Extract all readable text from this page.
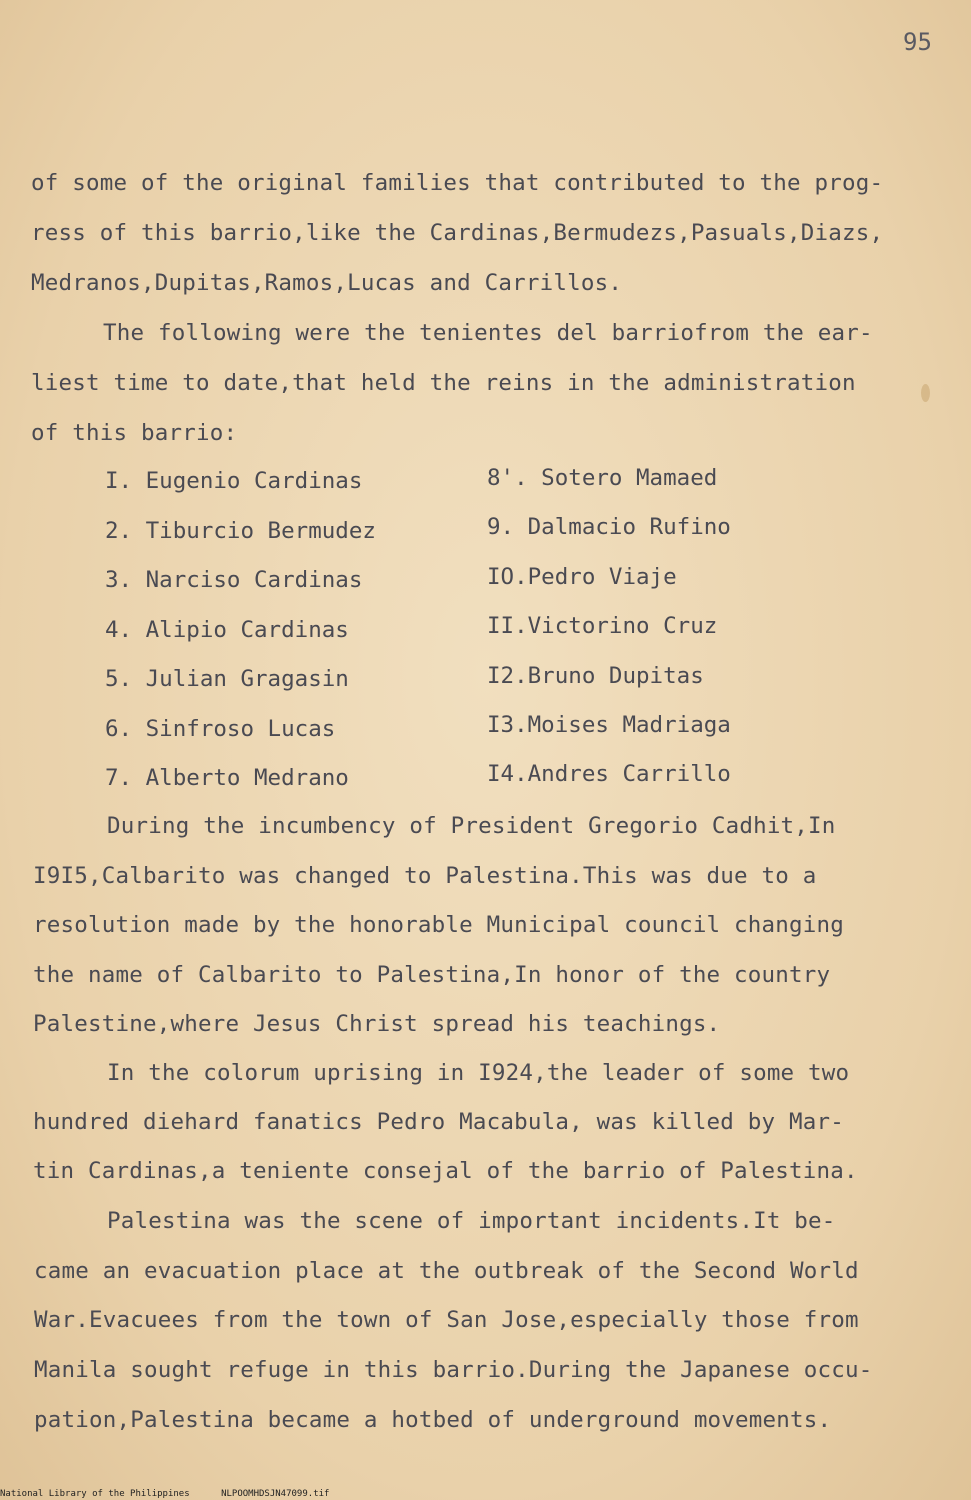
95
of some of the original families that contributed to the prog-
ress of this barrio,like the Cardinas,Bermudezs,Pasuals,Diazs,
Medranos,Dupitas,Ramos,Lucas and Carrillos.
The following were the tenientes del barriofrom the ear-
liest time to date,that held the reins in the administration
of this barrio:
I. Eugenio Cardinas
2. Tiburcio Bermudez
3. Narciso Cardinas
4. Alipio Cardinas
5. Julian Gragasin
6. Sinfroso Lucas
7. Alberto Medrano
8'. Sotero Mamaed
9. Dalmacio Rufino
IO.Pedro Viaje
II.Victorino Cruz
I2.Bruno Dupitas
I3.Moises Madriaga
I4.Andres Carrillo
During the incumbency of President Gregorio Cadhit,In
I9I5,Calbarito was changed to Palestina.This was due to a
resolution made by the honorable Municipal council changing
the name of Calbarito to Palestina,In honor of the country
Palestine,where Jesus Christ spread his teachings.
In the colorum uprising in I924,the leader of some two
hundred diehard fanatics Pedro Macabula, was killed by Mar-
tin Cardinas,a teniente consejal of the barrio of Palestina.
Palestina was the scene of important incidents.It be-
came an evacuation place at the outbreak of the Second World
War.Evacuees from the town of San Jose,especially those from
Manila sought refuge in this barrio.During the Japanese occu-
pation,Palestina became a hotbed of underground movements.
National Library of the Philippines	NLPOOMHDSJN47099.tif
